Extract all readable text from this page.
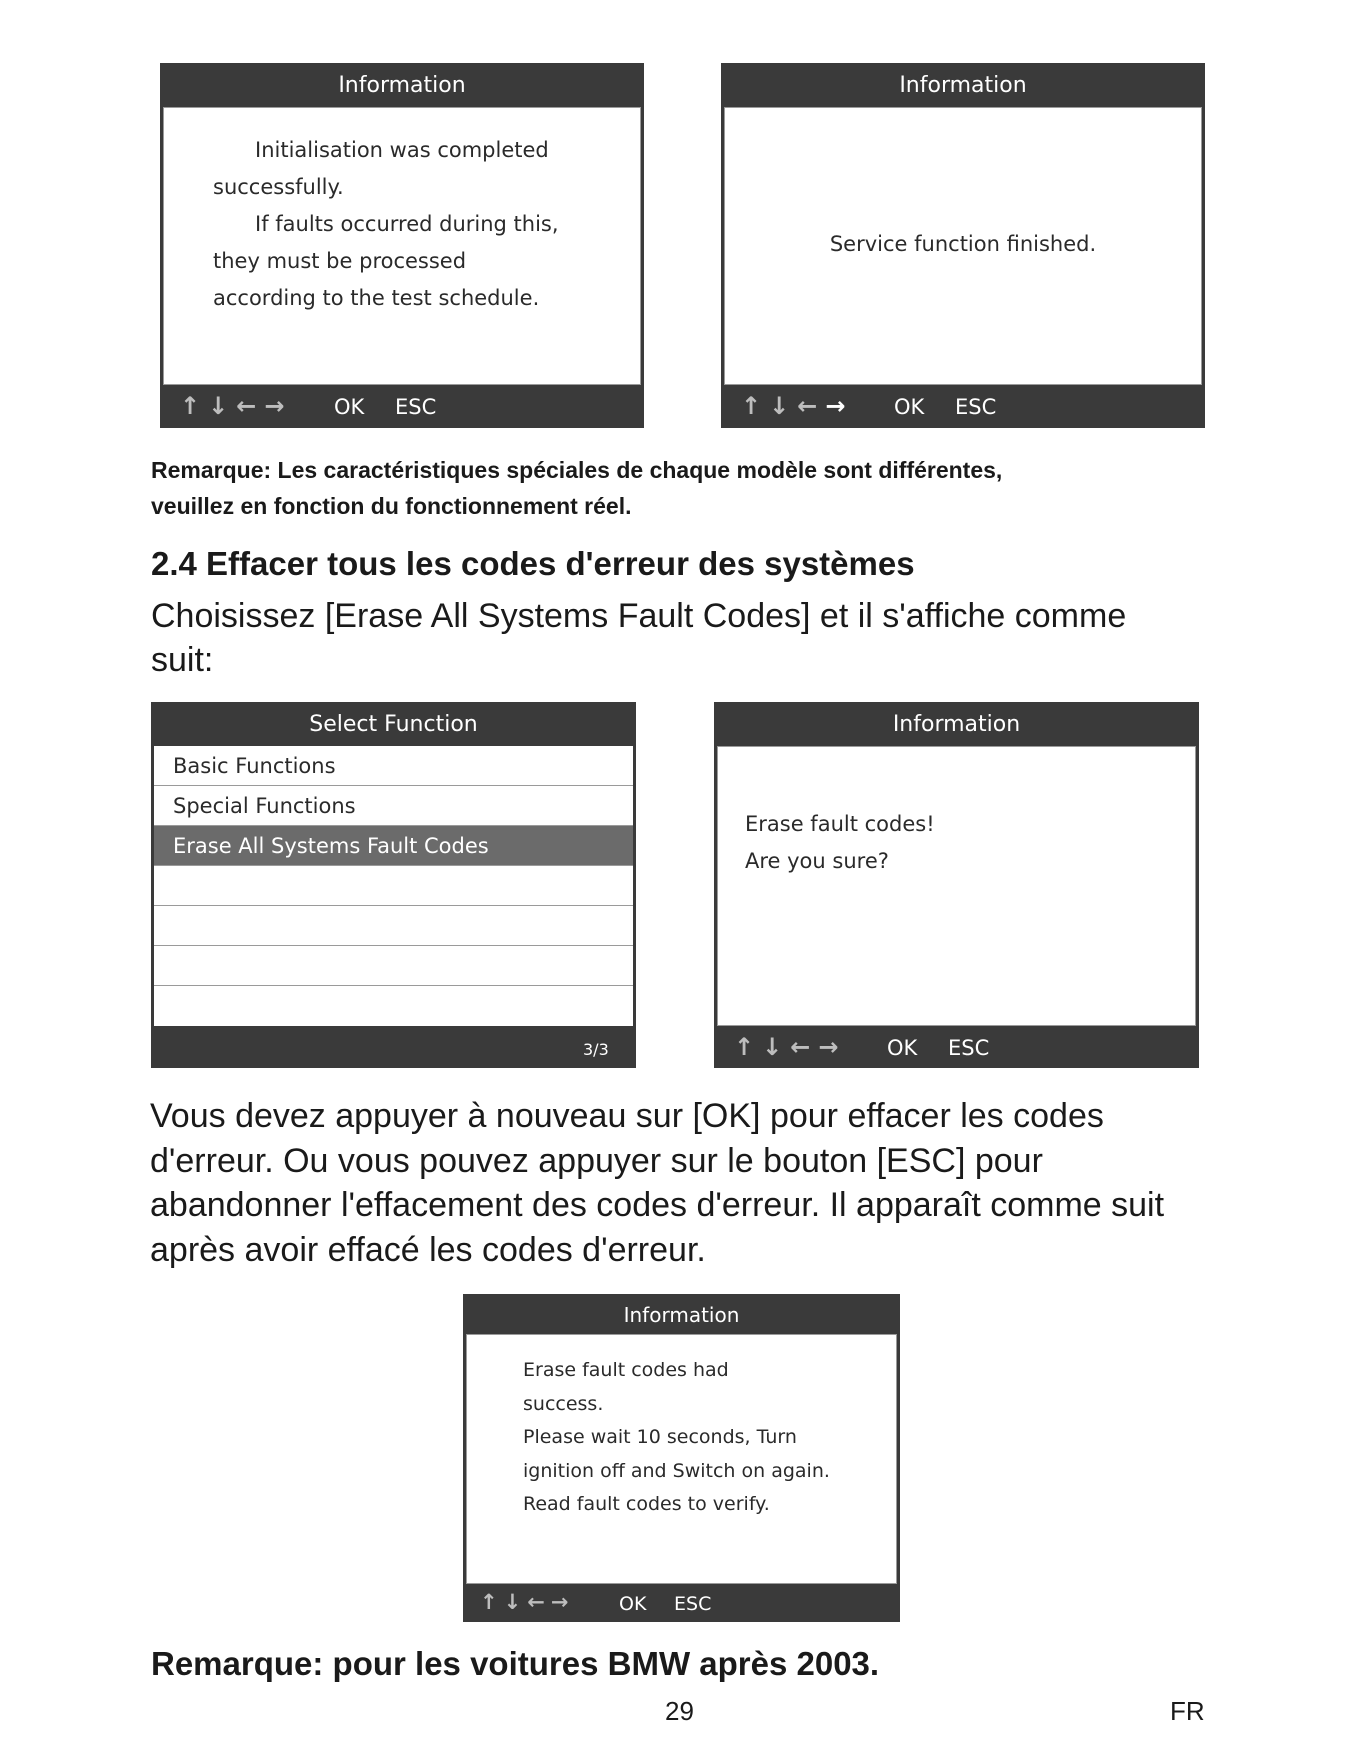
Information

Initialisation was completed

successfully.

If faults occurred during this,

they must be processed

according to the test schedule.

↑ ↓ ← → OK ESC
Information
Service function finished.
↑ ↓ ← → OK ESC

Remarque: Les caractéristiques spéciales de chaque modèle sont différentes,
veuillez en fonction du fonctionnement réel.

2.4 Effacer tous les codes d'erreur des systèmes

Choisissez [Erase All Systems Fault Codes] et il s'affiche comme
suit:

Select Function
Basic Functions
Special Functions
Erase All Systems Fault Codes
3/3
Information

Erase fault codes!

Are you sure?

↑ ↓ ← → OK ESC

Vous devez appuyer à nouveau sur [OK] pour effacer les codes
d'erreur. Ou vous pouvez appuyer sur le bouton [ESC] pour
abandonner l'effacement des codes d'erreur. Il apparaît comme suit
après avoir effacé les codes d'erreur.

Information

Erase fault codes had

success.

Please wait 10 seconds, Turn

ignition off and Switch on again.

Read fault codes to verify.

↑ ↓ ← →	OK ESC

Remarque: pour les voitures BMW après 2003.

29	FR
